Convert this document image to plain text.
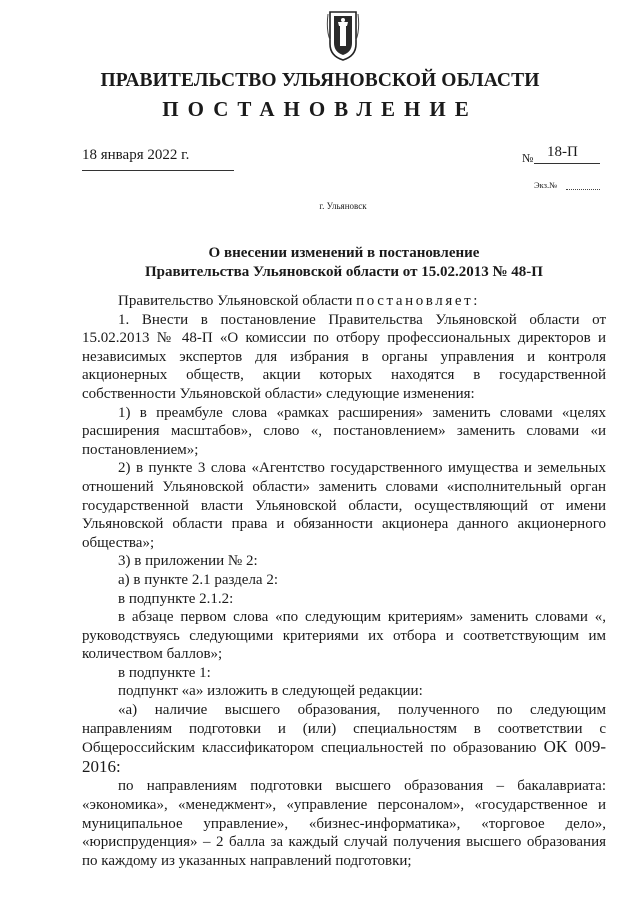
ПРАВИТЕЛЬСТВО УЛЬЯНОВСКОЙ ОБЛАСТИ
ПОСТАНОВЛЕНИЕ
18 января 2022 г.	№ 18-П
Экз.№
г. Ульяновск
О внесении изменений в постановление
Правительства Ульяновской области от 15.02.2013 № 48-П

Правительство Ульяновской области постановляет:

1. Внести в постановление Правительства Ульяновской области от 15.02.2013 № 48-П «О комиссии по отбору профессиональных директоров и независимых экспертов для избрания в органы управления и контроля акционерных обществ, акции которых находятся в государственной собственности Ульяновской области» следующие изменения:

1) в преамбуле слова «рамках расширения» заменить словами «целях расширения масштабов», слово «, постановлением» заменить словами «и постановлением»;

2) в пункте 3 слова «Агентство государственного имущества и земельных отношений Ульяновской области» заменить словами «исполнительный орган государственной власти Ульяновской области, осуществляющий от имени Ульяновской области права и обязанности акционера данного акционерного общества»;

3) в приложении № 2:

а) в пункте 2.1 раздела 2:

в подпункте 2.1.2:

в абзаце первом слова «по следующим критериям» заменить словами «, руководствуясь следующими критериями их отбора и соответствующим им количеством баллов»;

в подпункте 1:

подпункт «а» изложить в следующей редакции:

«а) наличие высшего образования, полученного по следующим направлениям подготовки и (или) специальностям в соответствии с Общероссийским классификатором специальностей по образованию ОК 009-2016:

по направлениям подготовки высшего образования – бакалавриата: «экономика», «менеджмент», «управление персоналом», «государственное и муниципальное управление», «бизнес-информатика», «торговое дело», «юриспруденция» – 2 балла за каждый случай получения высшего образования по каждому из указанных направлений подготовки;
